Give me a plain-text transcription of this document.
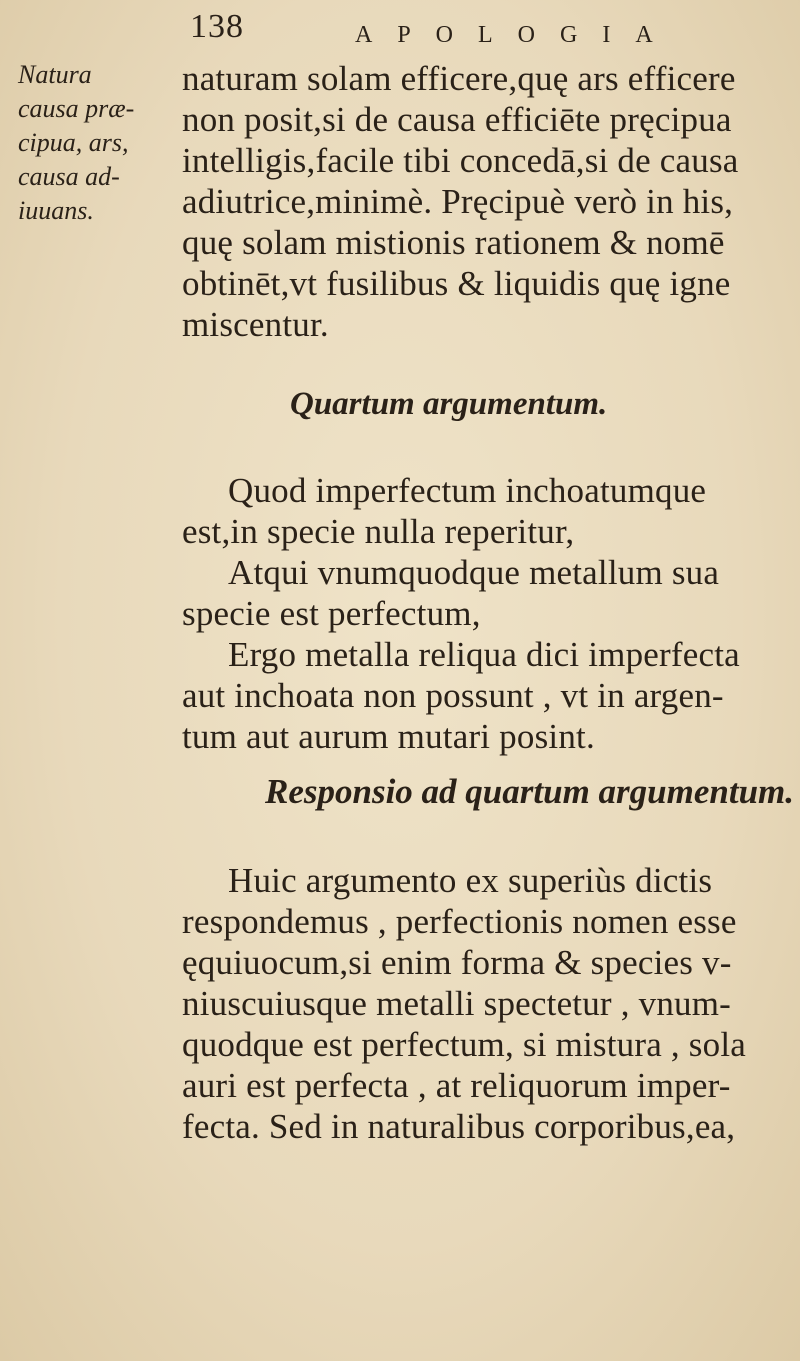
138	APOLOGIA
Natura
causa præ-
cipua, ars,
causa ad-
iuuans.
naturam solam efficere,quę ars efficere
non posit,si de causa efficiēte pręcipua
intelligis,facile tibi concedā,si de causa
adiutrice,minimè. Pręcipuè verò in his,
quę solam mistionis rationem & nomē
obtinēt,vt fusilibus & liquidis quę igne
miscentur.
Quartum argumentum.
Quod imperfectum inchoatumque
est,in specie nulla reperitur,
Atqui vnumquodque metallum sua
specie est perfectum,
Ergo metalla reliqua dici imperfecta
aut inchoata non possunt , vt in argen-
tum aut aurum mutari posint.
Responsio ad quartum argumentum.
Huic argumento ex superiùs dictis
respondemus , perfectionis nomen esse
ęquiuocum,si enim forma & species v-
niuscuiusque metalli spectetur , vnum-
quodque est perfectum, si mistura , sola
auri est perfecta , at reliquorum imper-
fecta. Sed in naturalibus corporibus,ea,
